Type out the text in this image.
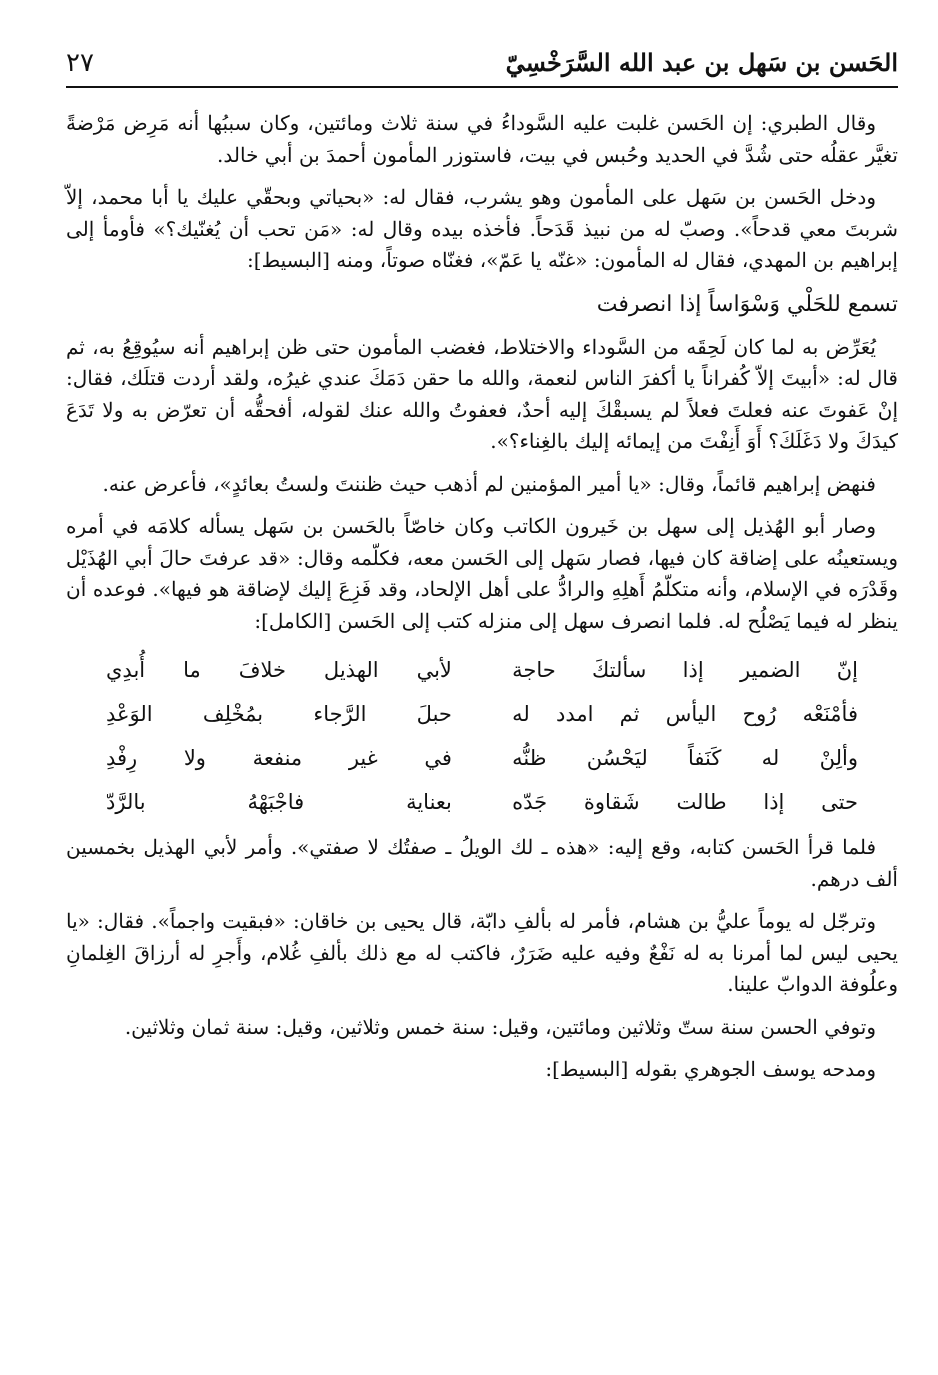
الحَسن بن سَهل بن عبد الله السَّرَخْسِيّ
٢٧

وقال الطبري: إن الحَسن غلبت عليه السَّوداءُ في سنة ثلاث ومائتين، وكان سببُها أنه مَرِض مَرْضةً تغيَّر عقلُه حتى شُدَّ في الحديد وحُبس في بيت، فاستوزر المأمون أحمدَ بن أبي خالد.

ودخل الحَسن بن سَهل على المأمون وهو يشرب، فقال له: «بحياتي وبحقّي عليك يا أبا محمد، إلاّ شربتَ معي قدحاً». وصبّ له من نبيذ قَدَحاً. فأخذه بيده وقال له: «مَن تحب أن يُغنّيك؟» فأومأ إلى إبراهيم بن المهدي، فقال له المأمون: «غنّه يا عَمّ»، فغنّاه صوتاً، ومنه [البسيط]:

تسمع للحَلْي وَسْوَاساً إذا انصرفت

يُعَرِّض به لما كان لَحِقَه من السَّوداء والاختلاط، فغضب المأمون حتى ظن إبراهيم أنه سيُوقِعُ به، ثم قال له: «أبيتَ إلاّ كُفراناً يا أكفرَ الناس لنعمة، والله ما حقن دَمَكَ عندي غيرُه، ولقد أردت قتلَك، فقال: إنْ عَفوتَ عنه فعلتَ فعلاً لم يسبقْكَ إليه أحدٌ، فعفوتُ والله عنك لقوله، أفحقُّه أن تعرّض به ولا تَدَعَ كيدَكَ ولا دَغَلَكَ؟ أَوَ أَنِفْتَ من إيمائه إليك بالغِناء؟».

فنهض إبراهيم قائماً، وقال: «يا أمير المؤمنين لم أذهب حيث ظننتَ ولستُ بعائدٍ»، فأعرض عنه.

وصار أبو الهُذيل إلى سهل بن خَيرون الكاتب وكان خاصّاً بالحَسن بن سَهل يسأله كلامَه في أمره ويستعينُه على إضاقة كان فيها، فصار سَهل إلى الحَسن معه، فكلّمه وقال: «قد عرفتَ حالَ أبي الهُذَيْل وقَدْرَه في الإسلام، وأنه متكلّمُ أَهلِهِ والرادُّ على أهل الإلحاد، وقد فَزِعَ إليك لإضاقة هو فيها». فوعده أن ينظر له فيما يَصْلُح له. فلما انصرف سهل إلى منزله كتب إلى الحَسن [الكامل]:

إنّ الضمير إذا سألتكَ حاجة
لأبي الهذيل خلافَ ما أُبدِي
فأمْنَعْه رُوح اليأس ثم امدد له
حبلَ الرَّجاء بمُخْلِف الوَعْدِ
وألِنْ له كَنَفاً ليَحْسُن ظنُّه
في غير منفعة ولا رِفْدِ
حتى إذا طالت شَقاوة جَدّه
بعناية فاجْبَهْهُ بالرَّدّ

فلما قرأ الحَسن كتابه، وقع إليه: «هذه ـ لك الويلُ ـ صفتُك لا صفتي». وأمر لأبي الهذيل بخمسين ألف درهم.

وترجّل له يوماً عليُّ بن هشام، فأمر له بألفِ دابّة، قال يحيى بن خاقان: «فبقيت واجماً». فقال: «يا يحيى ليس لما أمرنا به له نَفْعٌ وفيه عليه ضَرَرٌ، فاكتب له مع ذلك بألفِ غُلام، وأَجرِ له أرزاقَ الغِلمانِ وعلُوفة الدوابّ علينا.

وتوفي الحسن سنة ستّ وثلاثين ومائتين، وقيل: سنة خمس وثلاثين، وقيل: سنة ثمان وثلاثين.

ومدحه يوسف الجوهري بقوله [البسيط]:
